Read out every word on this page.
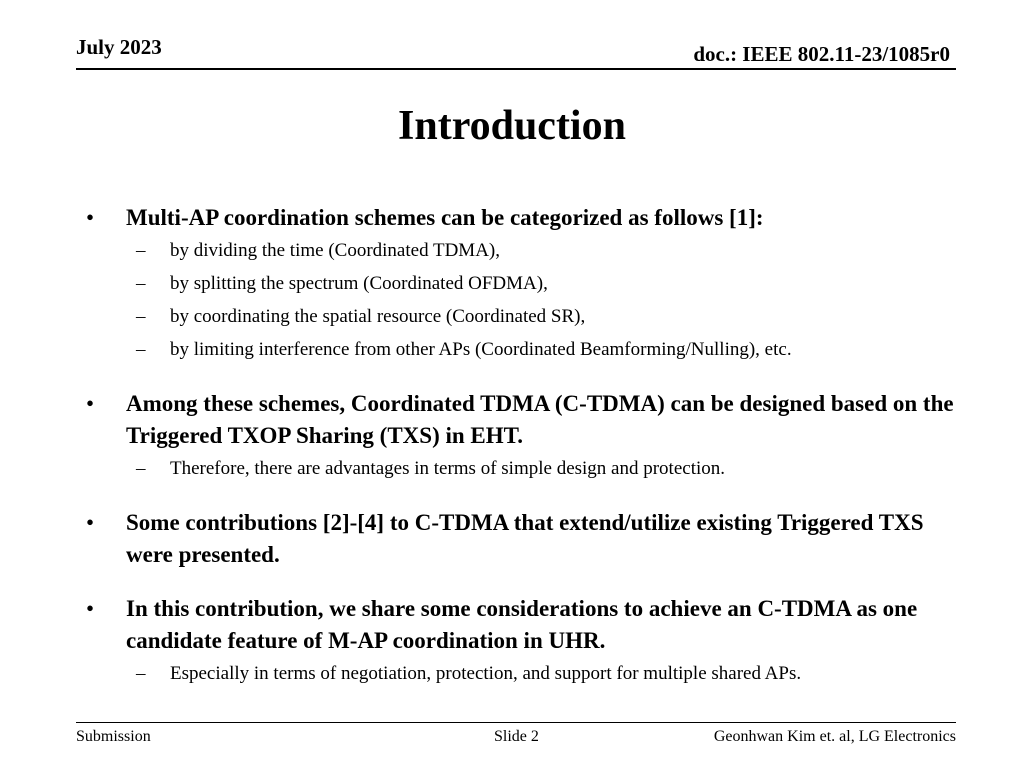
July 2023	doc.: IEEE 802.11-23/1085r0
Introduction
•	Multi-AP coordination schemes can be categorized as follows [1]:
–	by dividing the time (Coordinated TDMA),
–	by splitting the spectrum (Coordinated OFDMA),
–	by coordinating the spatial resource (Coordinated SR),
–	by limiting interference from other APs (Coordinated Beamforming/Nulling), etc.
•	Among these schemes, Coordinated TDMA (C-TDMA) can be designed based on the Triggered TXOP Sharing (TXS) in EHT.
–	Therefore, there are advantages in terms of simple design and protection.
•	Some contributions [2]-[4] to C-TDMA that extend/utilize existing Triggered TXS were presented.
•	In this contribution, we share some considerations to achieve an C-TDMA as one candidate feature of M-AP coordination in UHR.
–	Especially in terms of negotiation, protection, and support for multiple shared APs.
Submission	Slide 2	Geonhwan Kim et. al, LG Electronics
